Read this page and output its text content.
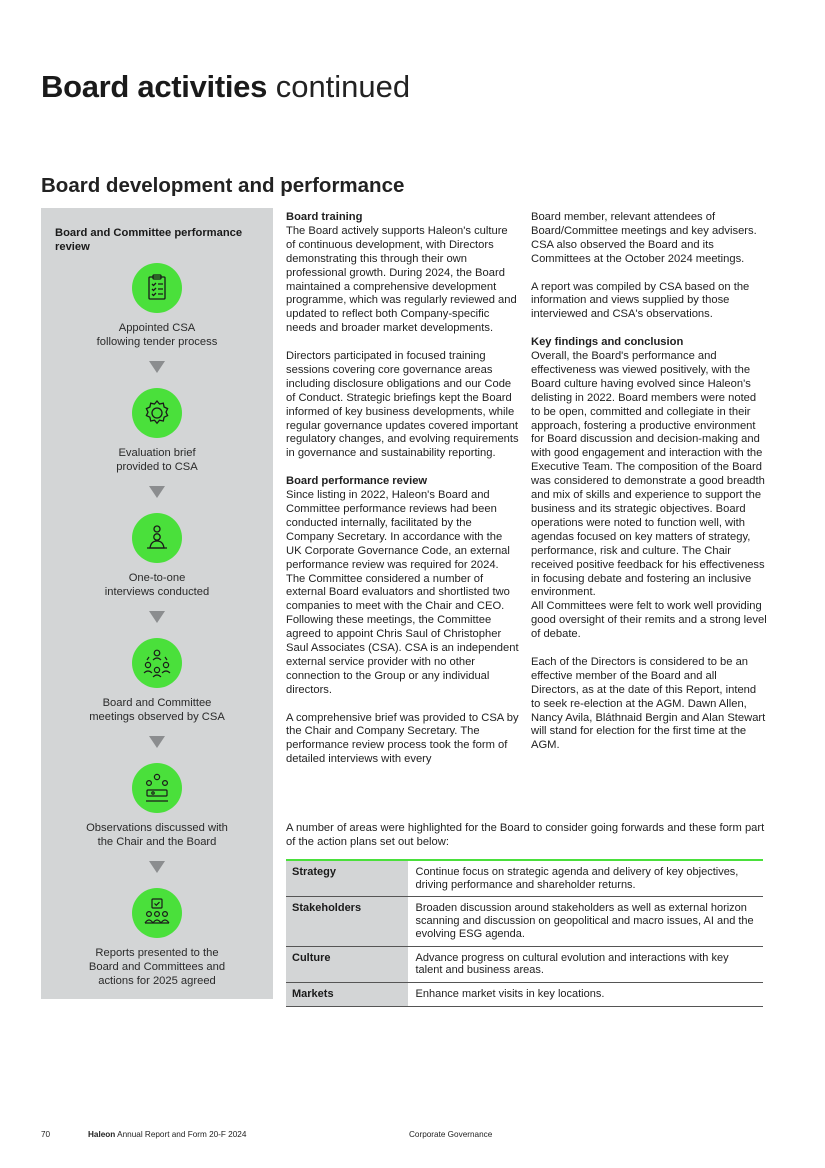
Board activities continued
Board development and performance
Board and Committee performance review
Appointed CSA
following tender process
Evaluation brief
provided to CSA
One-to-one
interviews conducted
Board and Committee
meetings observed by CSA
Observations discussed with
the Chair and the Board
Reports presented to the
Board and Committees and
actions for 2025 agreed
Board training

The Board actively supports Haleon's culture of continuous development, with Directors demonstrating this through their own professional growth. During 2024, the Board maintained a comprehensive development programme, which was regularly reviewed and updated to reflect both Company-specific needs and broader market developments.

Directors participated in focused training sessions covering core governance areas including disclosure obligations and our Code of Conduct. Strategic briefings kept the Board informed of key business developments, while regular governance updates covered important regulatory changes, and evolving requirements in governance and sustainability reporting.

Board performance review

Since listing in 2022, Haleon's Board and Committee performance reviews had been conducted internally, facilitated by the Company Secretary. In accordance with the UK Corporate Governance Code, an external performance review was required for 2024. The Committee considered a number of external Board evaluators and shortlisted two companies to meet with the Chair and CEO. Following these meetings, the Committee agreed to appoint Chris Saul of Christopher Saul Associates (CSA). CSA is an independent external service provider with no other connection to the Group or any individual directors.

A comprehensive brief was provided to CSA by the Chair and Company Secretary. The performance review process took the form of detailed interviews with every

Board member, relevant attendees of Board/Committee meetings and key advisers. CSA also observed the Board and its Committees at the October 2024 meetings.

A report was compiled by CSA based on the information and views supplied by those interviewed and CSA's observations.

Key findings and conclusion

Overall, the Board's performance and effectiveness was viewed positively, with the Board culture having evolved since Haleon's delisting in 2022. Board members were noted to be open, committed and collegiate in their approach, fostering a productive environment for Board discussion and decision-making and with good engagement and interaction with the Executive Team. The composition of the Board was considered to demonstrate a good breadth and mix of skills and experience to support the business and its strategic objectives. Board operations were noted to function well, with agendas focused on key matters of strategy, performance, risk and culture. The Chair received positive feedback for his effectiveness in focusing debate and fostering an inclusive environment.

All Committees were felt to work well providing good oversight of their remits and a strong level of debate.

Each of the Directors is considered to be an effective member of the Board and all Directors, as at the date of this Report, intend to seek re-election at the AGM. Dawn Allen, Nancy Avila, Bláthnaid Bergin and Alan Stewart will stand for election for the first time at the AGM.

A number of areas were highlighted for the Board to consider going forwards and these form part of the action plans set out below:
Strategy	Continue focus on strategic agenda and delivery of key objectives, driving performance and shareholder returns.
Stakeholders	Broaden discussion around stakeholders as well as external horizon scanning and discussion on geopolitical and macro issues, AI and the evolving ESG agenda.
Culture	Advance progress on cultural evolution and interactions with key talent and business areas.
Markets	Enhance market visits in key locations.
70	Haleon Annual Report and Form 20-F 2024	Corporate Governance
